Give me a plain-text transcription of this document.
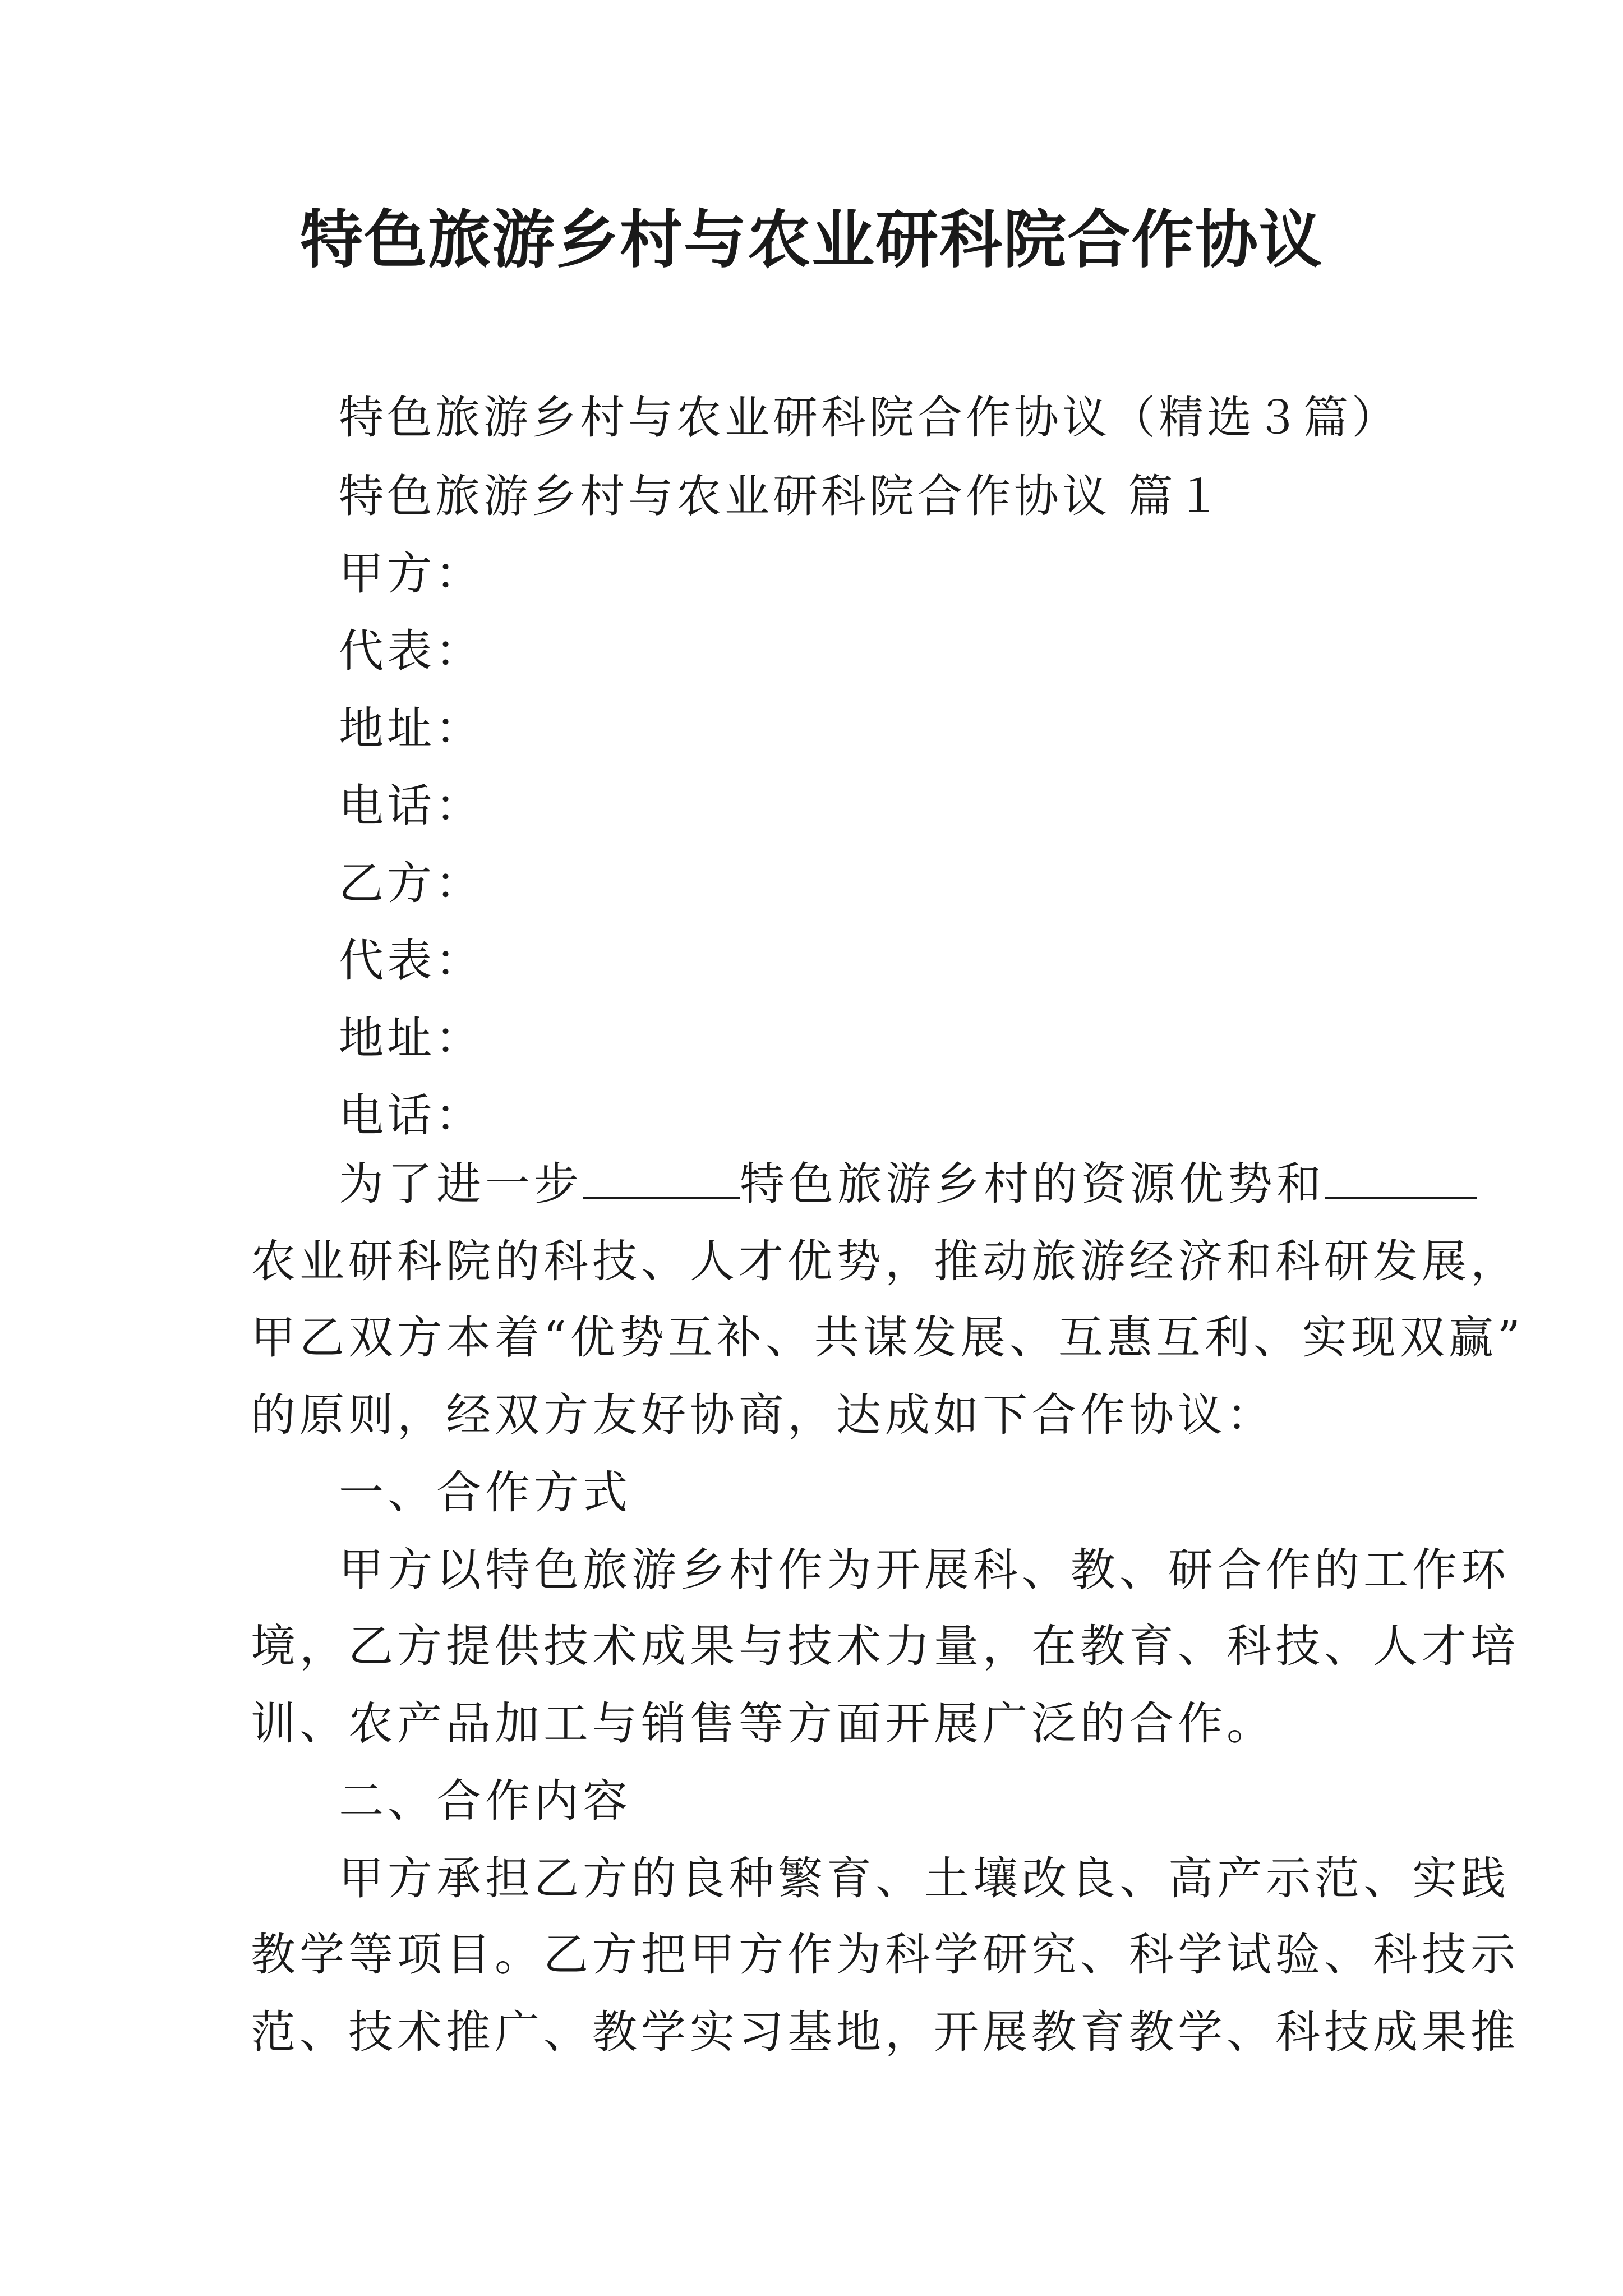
特色旅游乡村与农业研科院合作协议
特色旅游乡村与农业研科院合作协议（精选３篇）
特色旅游乡村与农业研科院合作协议 篇１
甲方：
代表：
地址：
电话：
乙方：
代表：
地址：
电话：
为了进一步	特色旅游乡村的资源优势和
农业研科院的科技、人才优势，推动旅游经济和科研发展，
甲乙双方本着“优势互补、共谋发展、互惠互利、实现双赢”
的原则，经双方友好协商，达成如下合作协议：
一、合作方式
甲方以特色旅游乡村作为开展科、教、研合作的工作环
境，乙方提供技术成果与技术力量，在教育、科技、人才培
训、农产品加工与销售等方面开展广泛的合作。
二、合作内容
甲方承担乙方的良种繁育、土壤改良、高产示范、实践
教学等项目。乙方把甲方作为科学研究、科学试验、科技示
范、技术推广、教学实习基地，开展教育教学、科技成果推
